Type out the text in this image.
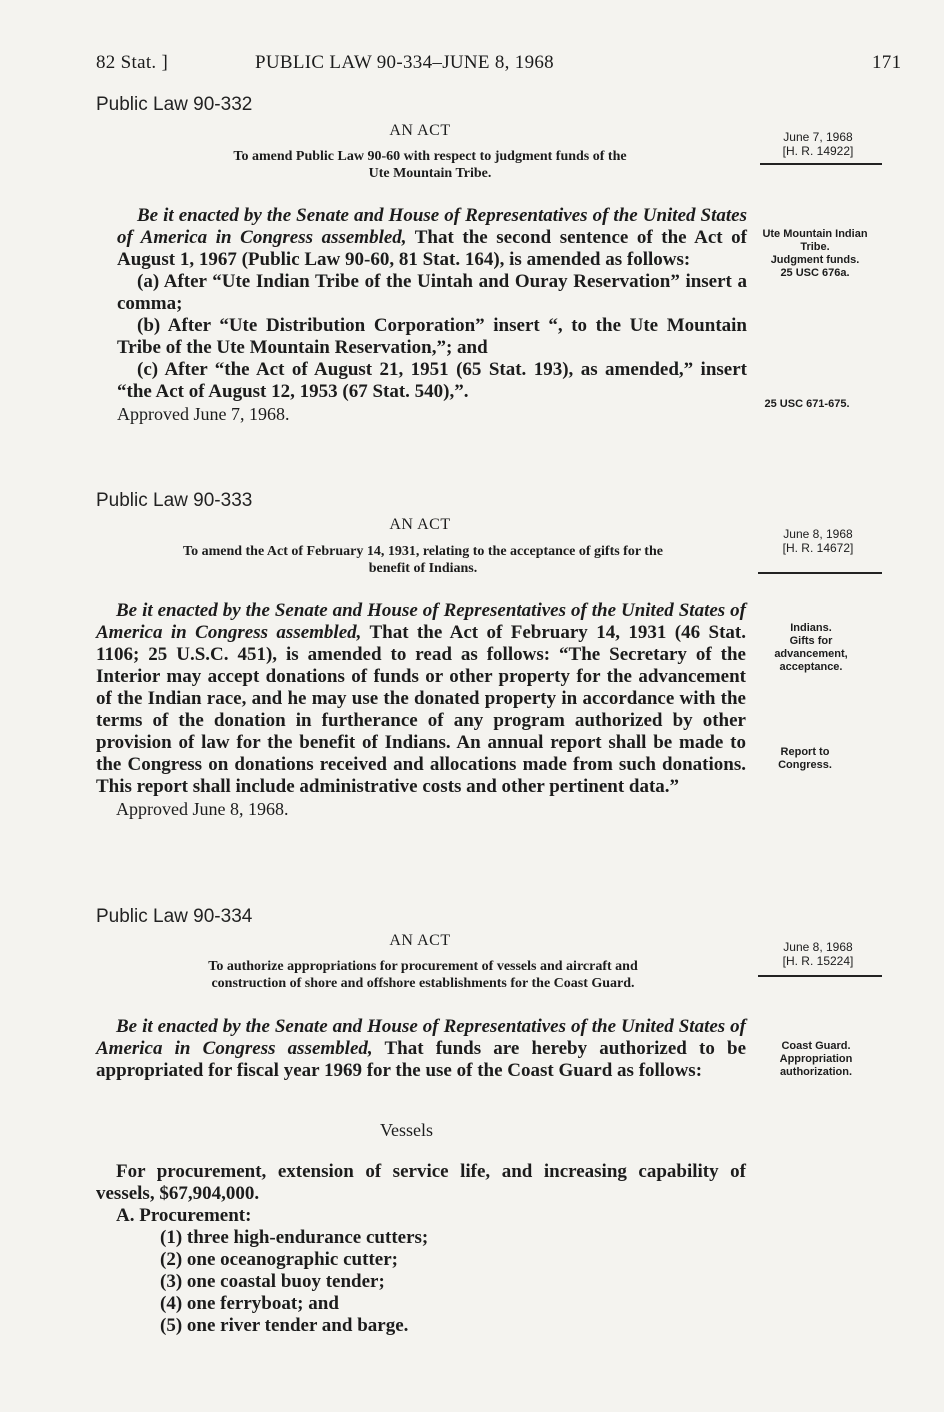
82 Stat. ]	PUBLIC LAW 90-334–JUNE 8, 1968	171
Public Law 90-332
AN ACT
To amend Public Law 90-60 with respect to judgment funds of the
Ute Mountain Tribe.
June 7, 1968
[H. R. 14922]

Be it enacted by the Senate and House of Representatives of the United States of America in Congress assembled, That the second sentence of the Act of August 1, 1967 (Public Law 90-60, 81 Stat. 164), is amended as follows:

(a) After “Ute Indian Tribe of the Uintah and Ouray Reservation” insert a comma;

(b) After “Ute Distribution Corporation” insert “, to the Ute Mountain Tribe of the Ute Mountain Reservation,”; and

(c) After “the Act of August 21, 1951 (65 Stat. 193), as amended,” insert “the Act of August 12, 1953 (67 Stat. 540),”.

Approved June 7, 1968.

Ute Mountain Indian Tribe.
Judgment funds.
25 USC 676a.
25 USC 671-675.
Public Law 90-333
AN ACT
To amend the Act of February 14, 1931, relating to the acceptance of gifts for the
benefit of Indians.
June 8, 1968
[H. R. 14672]

Be it enacted by the Senate and House of Representatives of the United States of America in Congress assembled, That the Act of February 14, 1931 (46 Stat. 1106; 25 U.S.C. 451), is amended to read as follows: “The Secretary of the Interior may accept donations of funds or other property for the advancement of the Indian race, and he may use the donated property in accordance with the terms of the donation in furtherance of any program authorized by other provision of law for the benefit of Indians. An annual report shall be made to the Congress on donations received and allocations made from such donations. This report shall include administrative costs and other pertinent data.”

Approved June 8, 1968.

Indians.
Gifts for advancement, acceptance.
Report to Congress.
Public Law 90-334
AN ACT
To authorize appropriations for procurement of vessels and aircraft and
construction of shore and offshore establishments for the Coast Guard.
June 8, 1968
[H. R. 15224]

Be it enacted by the Senate and House of Representatives of the United States of America in Congress assembled, That funds are hereby authorized to be appropriated for fiscal year 1969 for the use of the Coast Guard as follows:

Coast Guard.
Appropriation authorization.
Vessels

For procurement, extension of service life, and increasing capability of vessels, $67,904,000.

A. Procurement:

(1) three high-endurance cutters;

(2) one oceanographic cutter;

(3) one coastal buoy tender;

(4) one ferryboat; and

(5) one river tender and barge.
